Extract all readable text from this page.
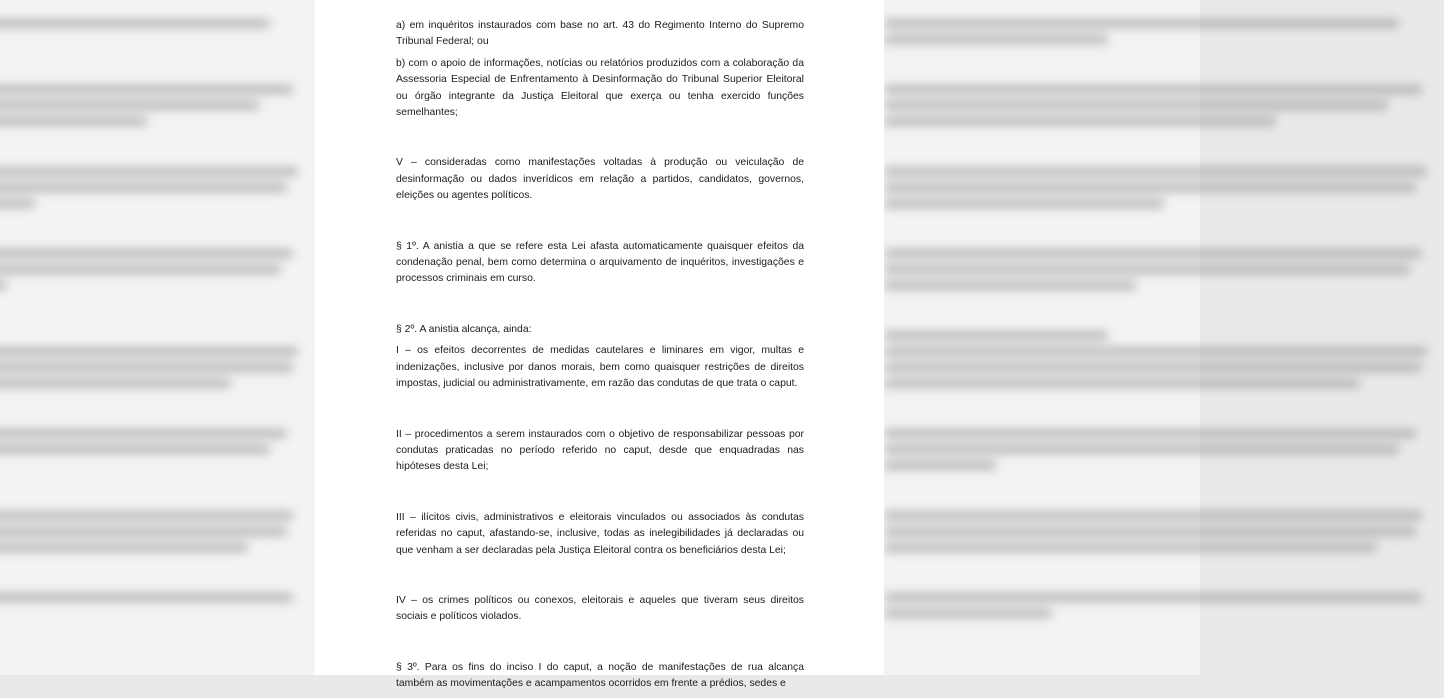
a) em inquéritos instaurados com base no art. 43 do Regimento Interno do Supremo Tribunal Federal; ou

b) com o apoio de informações, notícias ou relatórios produzidos com a colaboração da Assessoria Especial de Enfrentamento à Desinformação do Tribunal Superior Eleitoral ou órgão integrante da Justiça Eleitoral que exerça ou tenha exercido funções semelhantes;

V – consideradas como manifestações voltadas à produção ou veiculação de desinformação ou dados inverídicos em relação a partidos, candidatos, governos, eleições ou agentes políticos.

§ 1º. A anistia a que se refere esta Lei afasta automaticamente quaisquer efeitos da condenação penal, bem como determina o arquivamento de inquéritos, investigações e processos criminais em curso.

§ 2º. A anistia alcança, ainda:

I – os efeitos decorrentes de medidas cautelares e liminares em vigor, multas e indenizações, inclusive por danos morais, bem como quaisquer restrições de direitos impostas, judicial ou administrativamente, em razão das condutas de que trata o caput.

II – procedimentos a serem instaurados com o objetivo de responsabilizar pessoas por condutas praticadas no período referido no caput, desde que enquadradas nas hipóteses desta Lei;

III – ilícitos civis, administrativos e eleitorais vinculados ou associados às condutas referidas no caput, afastando-se, inclusive, todas as inelegibilidades já declaradas ou que venham a ser declaradas pela Justiça Eleitoral contra os beneficiários desta Lei;

IV – os crimes políticos ou conexos, eleitorais e aqueles que tiveram seus direitos sociais e políticos violados.

§ 3º. Para os fins do inciso I do caput, a noção de manifestações de rua alcança também as movimentações e acampamentos ocorridos em frente a prédios, sedes e
